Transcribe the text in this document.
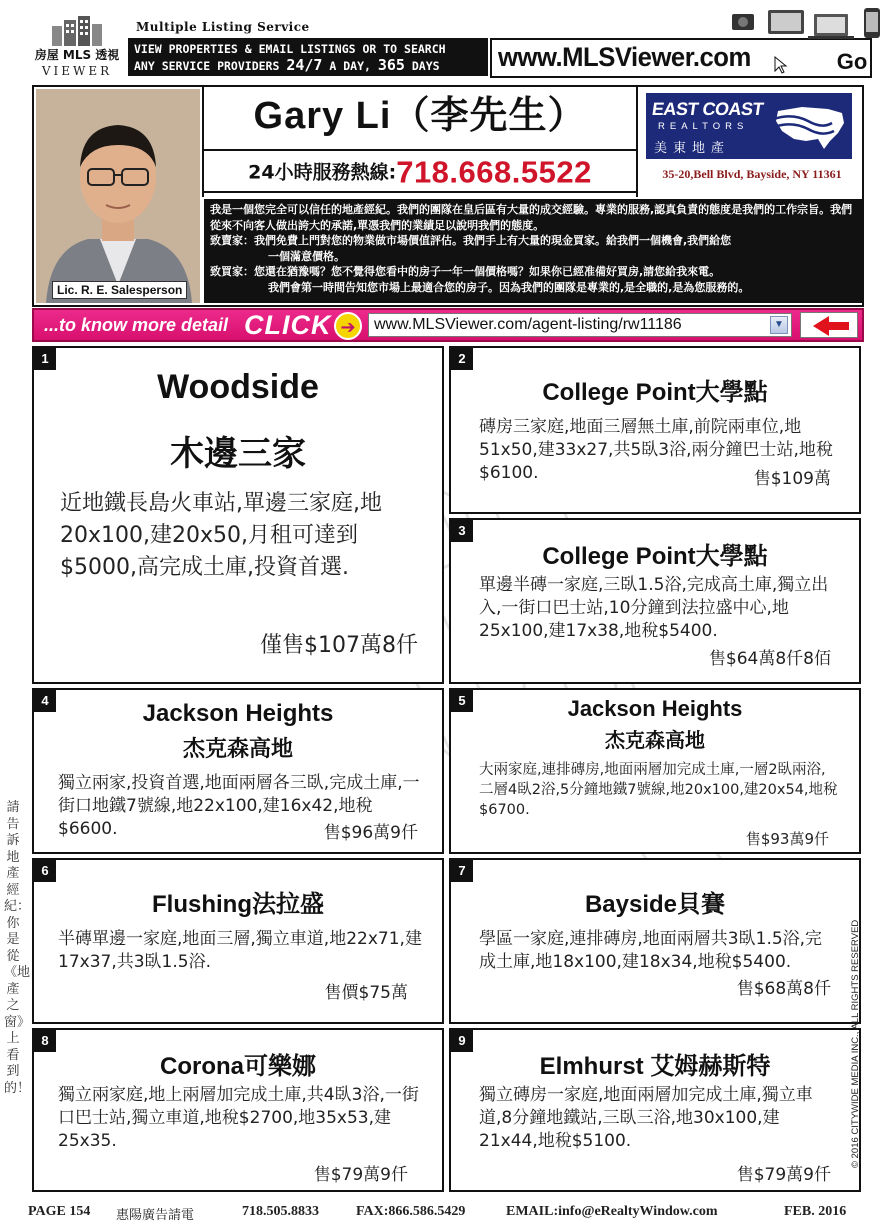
房屋 MLS 透視
VIEWER
Multiple Listing Service
VIEW PROPERTIES & EMAIL LISTINGS OR TO SEARCH
ANY SERVICE PROVIDERS 24/7 A DAY, 365 DAYS	www.MLSViewer.com	Go
Lic. R. E. Salesperson
Gary Li（李先生）
24小時服務熱線:718.668.5522
EAST COAST
REALTORS
美東地產
35-20,Bell Blvd, Bayside, NY 11361

我是一個您完全可以信任的地產經紀。我們的團隊在皇后區有大量的成交經驗。專業的服務,認真負責的態度是我們的工作宗旨。我們從來不向客人做出誇大的承諾,單憑我們的業績足以說明我們的態度。

致賣家：我們免費上門對您的物業做市場價值評估。我們手上有大量的現金買家。給我們一個機會,我們給您

一個滿意價格。

致買家：您還在猶豫嗎？您不覺得您看中的房子一年一個價格嗎？如果你已經准備好買房,請您給我來電。

我們會第一時間告知您市場上最適合您的房子。因為我們的團隊是專業的,是全職的,是為您服務的。

...to know more detail CLICK ➔	www.MLSViewer.com/agent-listing/rw11186	▼
1
Woodside
木邊三家
近地鐵長島火車站,單邊三家庭,地20x100,建20x50,月租可達到$5000,高完成土庫,投資首選.
僅售$107萬8仟
2
College Point大學點
磚房三家庭,地面三層無土庫,前院兩車位,地51x50,建33x27,共5臥3浴,兩分鐘巴士站,地稅$6100.	售$109萬
3
College Point大學點
單邊半磚一家庭,三臥1.5浴,完成高土庫,獨立出入,一街口巴士站,10分鐘到法拉盛中心,地25x100,建17x38,地稅$5400.
售$64萬8仟8佰
4	Jackson Heights
杰克森高地
獨立兩家,投資首選,地面兩層各三臥,完成土庫,一街口地鐵7號線,地22x100,建16x42,地稅$6600.	售$96萬9仟
5	Jackson Heights
杰克森高地
大兩家庭,連排磚房,地面兩層加完成土庫,一層2臥兩浴,二層4臥2浴,5分鐘地鐵7號線,地20x100,建20x54,地稅$6700.
售$93萬9仟
6
Flushing法拉盛
半磚單邊一家庭,地面三層,獨立車道,地22x71,建17x37,共3臥1.5浴.
售價$75萬
7
Bayside貝賽
學區一家庭,連排磚房,地面兩層共3臥1.5浴,完成土庫,地18x100,建18x34,地稅$5400.
售$68萬8仟
8
Corona可樂娜
獨立兩家庭,地上兩層加完成土庫,共4臥3浴,一街口巴士站,獨立車道,地稅$2700,地35x53,建25x35.
售$79萬9仟
9
Elmhurst 艾姆赫斯特
獨立磚房一家庭,地面兩層加完成土庫,獨立車道,8分鐘地鐵站,三臥三浴,地30x100,建21x44,地稅$5100.
售$79萬9仟
請告訴地產經紀：你是從《地產之窗》上看到的！	© 2016 CITYWIDE MEDIA INC., ALL RIGHTS RESERVED
PAGE 154 惠陽廣告請電	718.505.8833	FAX:866.586.5429	EMAIL:info@eRealtyWindow.com	FEB. 2016
